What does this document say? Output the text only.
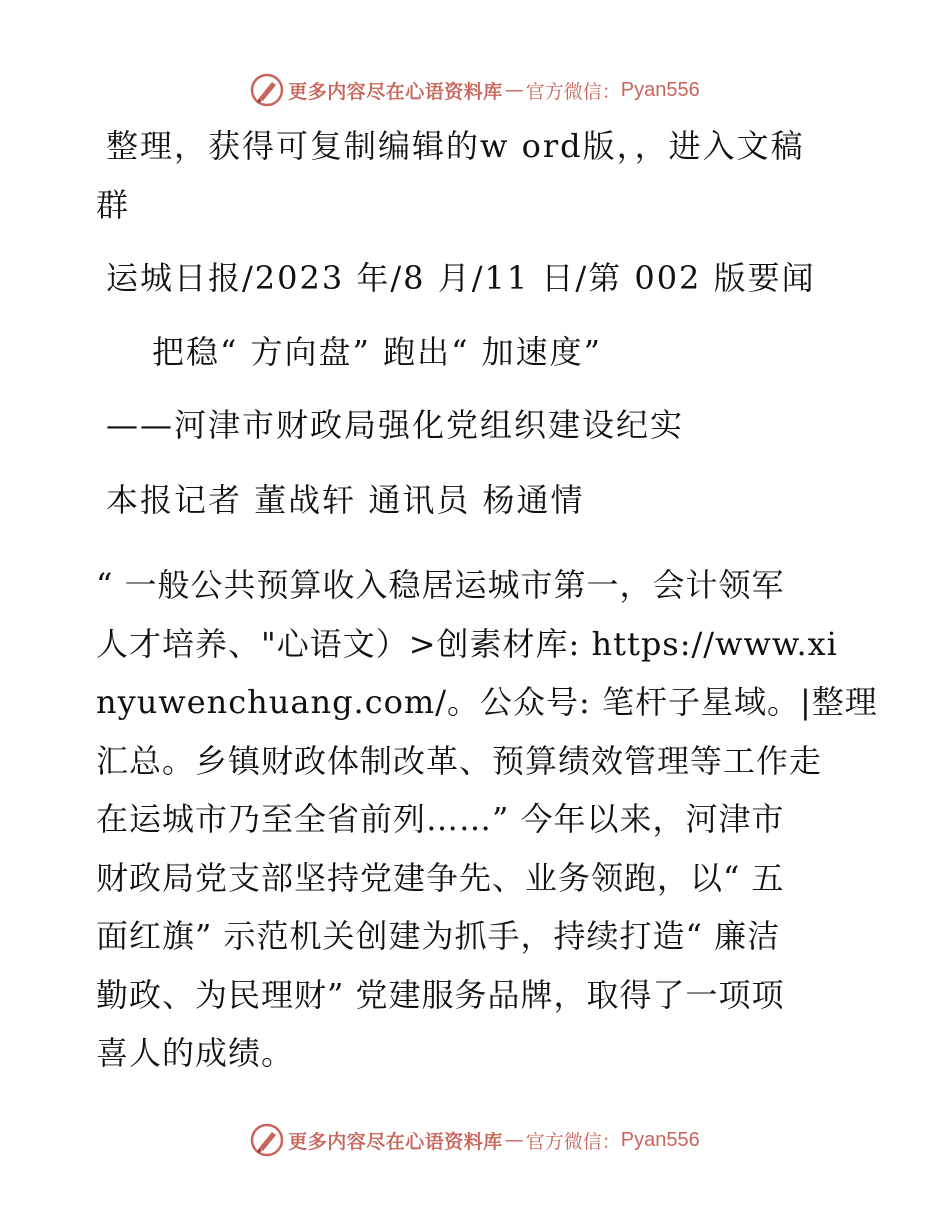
更多内容尽在心语资料库 — 官方微信： Pyan556
整理，获得可复制编辑的w ord版，，进入文稿
群
运城日报/2023 年/8 月/11 日/第 002 版要闻
把稳“ 方向盘” 跑出“ 加速度”
——河津市财政局强化党组织建设纪实
本报记者 董战轩 通讯员 杨通情
“ 一般公共预算收入稳居运城市第一，会计领军
人才培养、"心语文）>创素材库: https://www.xi
nyuwenchuang.com/。公众号: 笔杆子星域。|整理
汇总。乡镇财政体制改革、预算绩效管理等工作走
在运城市乃至全省前列……” 今年以来，河津市
财政局党支部坚持党建争先、业务领跑，以“ 五
面红旗” 示范机关创建为抓手，持续打造“ 廉洁
勤政、为民理财” 党建服务品牌，取得了一项项
喜人的成绩。
更多内容尽在心语资料库 — 官方微信： Pyan556
